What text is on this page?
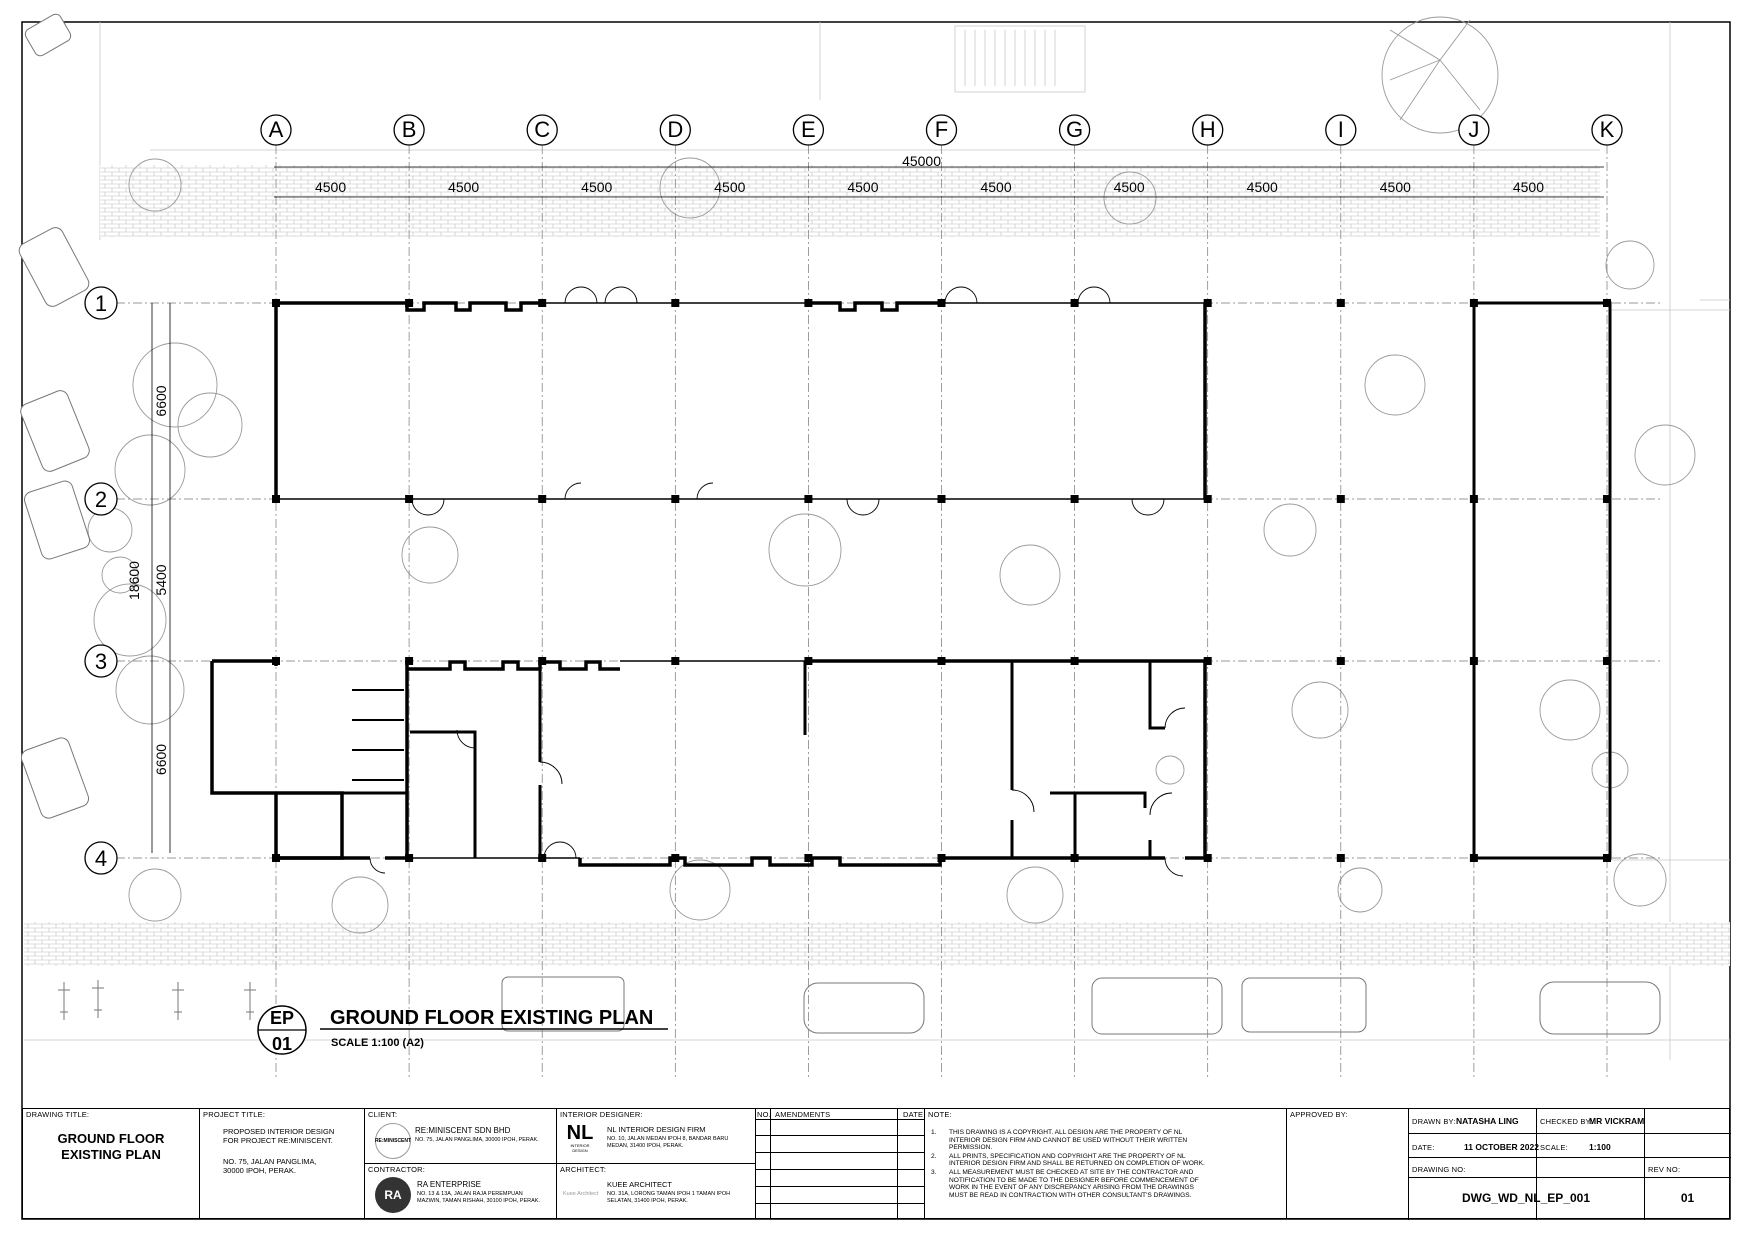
A	B	C	D	E	F	G	H	I	J	K
1
2
3
4
45000
4500	4500	4500	4500	4500	4500	4500	4500	4500	4500
6600
5400
6600
18600
EP
01
GROUND FLOOR EXISTING PLAN
SCALE 1:100 (A2)
DRAWING TITLE:
GROUND FLOOR
EXISTING PLAN
PROJECT TITLE:
PROPOSED INTERIOR DESIGN
FOR PROJECT RE:MINISCENT.
NO. 75, JALAN PANGLIMA,
30000 IPOH, PERAK.
CLIENT:
RE:MINISCENT
RE:MINISCENT SDN BHD
NO. 75, JALAN PANGLIMA, 30000 IPOH, PERAK.
CONTRACTOR:
RA
RA ENTERPRISE
NO. 13 & 13A, JALAN RAJA PEREMPUAN
MAZWIN, TAMAN RISHAH, 30100 IPOH, PERAK.
INTERIOR DESIGNER:
NL
INTERIOR DESIGN
NL INTERIOR DESIGN FIRM
NO. 10, JALAN MEDAN IPOH 8, BANDAR BARU
MEDAN, 31400 IPOH, PERAK.
ARCHITECT:
Kuee Architect
KUEE ARCHITECT
NO. 31A, LORONG TAMAN IPOH 1 TAMAN IPOH
SELATAN, 31400 IPOH, PERAK.
NO. AMENDMENTS	DATE NOTE:
1.	THIS DRAWING IS A COPYRIGHT. ALL DESIGN ARE THE PROPERTY OF NL
INTERIOR DESIGN FIRM AND CANNOT BE USED WITHOUT THEIR WRITTEN
PERMISSION.
2.	ALL PRINTS, SPECIFICATION AND COPYRIGHT ARE THE PROPERTY OF NL
INTERIOR DESIGN FIRM AND SHALL BE RETURNED ON COMPLETION OF WORK.
3.	ALL MEASUREMENT MUST BE CHECKED AT SITE BY THE CONTRACTOR AND
NOTIFICATION TO BE MADE TO THE DESIGNER BEFORE COMMENCEMENT OF
WORK IN THE EVENT OF ANY DISCREPANCY ARISING FROM THE DRAWINGS
MUST BE READ IN CONTRACTION WITH OTHER CONSULTANT'S DRAWINGS.
APPROVED BY:
DRAWN BY: NATASHA LING	CHECKED BY:
MR VICKRAM
DATE:	11 OCTOBER 2022 SCALE: 1:100
DRAWING NO:
DWG_WD_NL_EP_001
REV NO:
01
